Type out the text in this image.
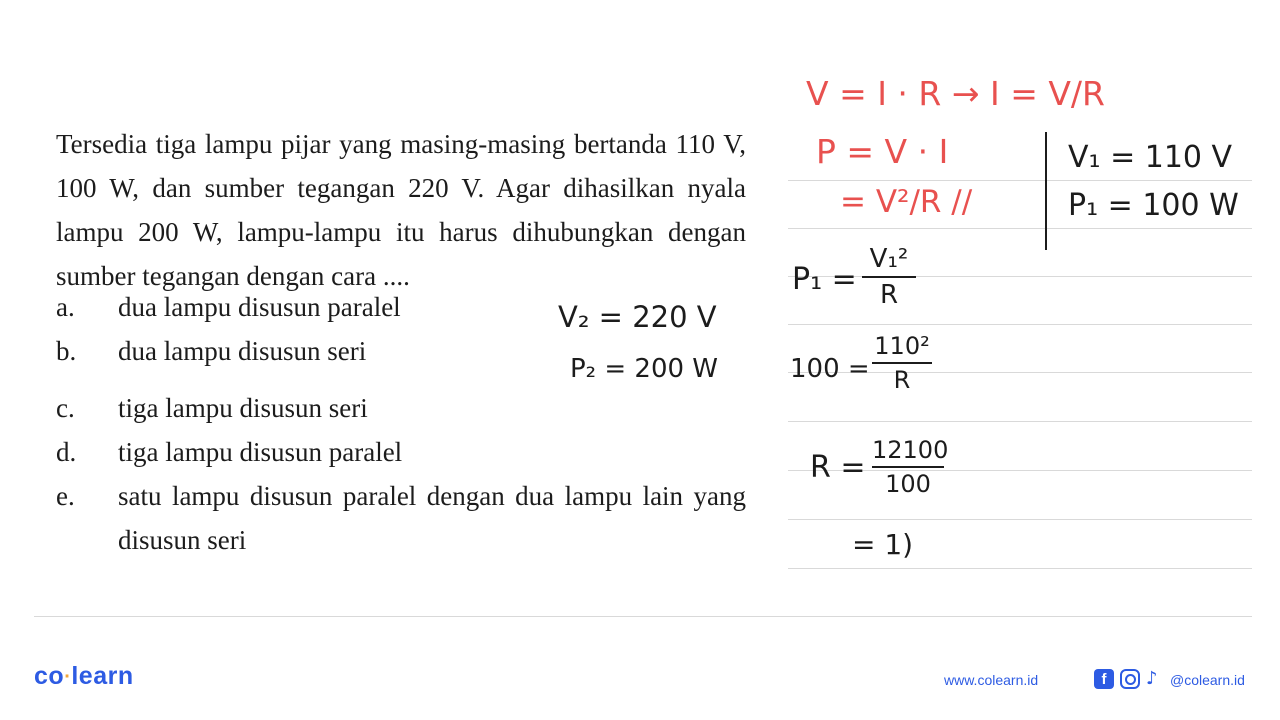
Tersedia tiga lampu pijar yang masing-masing bertanda 110 V, 100 W, dan sumber tegangan 220 V. Agar dihasilkan nyala lampu 200 W, lampu-lampu itu harus dihubungkan dengan sumber tegangan dengan cara ....
a. dua lampu disusun paralel
b. dua lampu disusun seri
c. tiga lampu disusun seri
d. tiga lampu disusun paralel
e. satu lampu disusun paralel dengan dua lampu lain yang disusun seri
V = I · R → I = V/R
P = V · I
= V²/R //
V₁ = 110 V
P₁ = 100 W
V₂ = 220 V
P₂ = 200 W
P₁ =
V₁²
R
100 =
110²
R
R = 12100
100
= 1)
co·learn	www.colearn.id	f	♪ @colearn.id
